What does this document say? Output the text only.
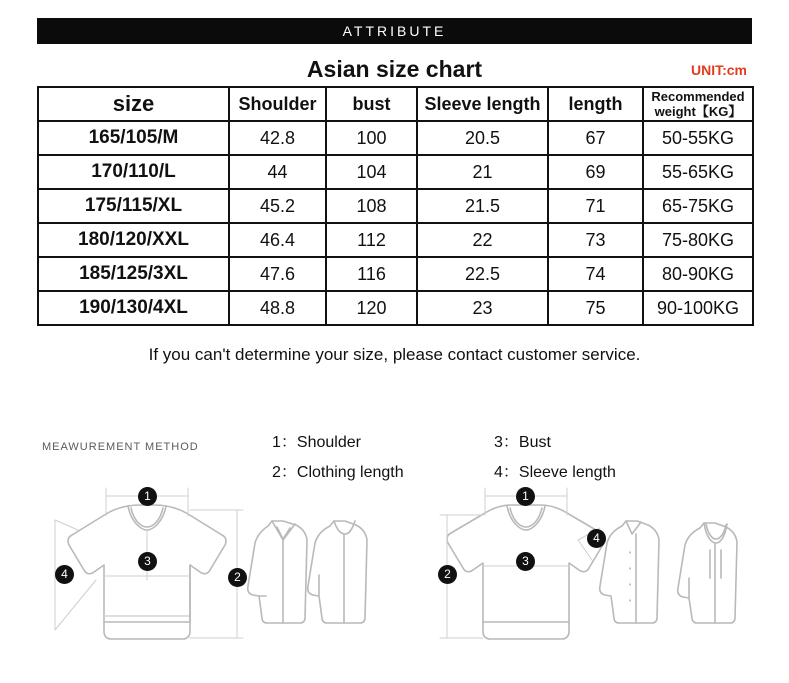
ATTRIBUTE
Asian size chart	UNIT:cm
size	Shoulder	bust	Sleeve length	length	Recommended weight【KG】
165/105/M	42.8	100	20.5	67	50-55KG
170/110/L	44	104	21	69	55-65KG
175/115/XL	45.2	108	21.5	71	65-75KG
180/120/XXL	46.4	112	22	73	75-80KG
185/125/3XL	47.6	116	22.5	74	80-90KG
190/130/4XL	48.8	120	23	75	90-100KG
If you can't determine your size, please contact customer service.
MEAWUREMENT METHOD	1：Shoulder
2：Clothing length
3：Bust
4：Sleeve length
1
2
3
4
1
2
3
4
